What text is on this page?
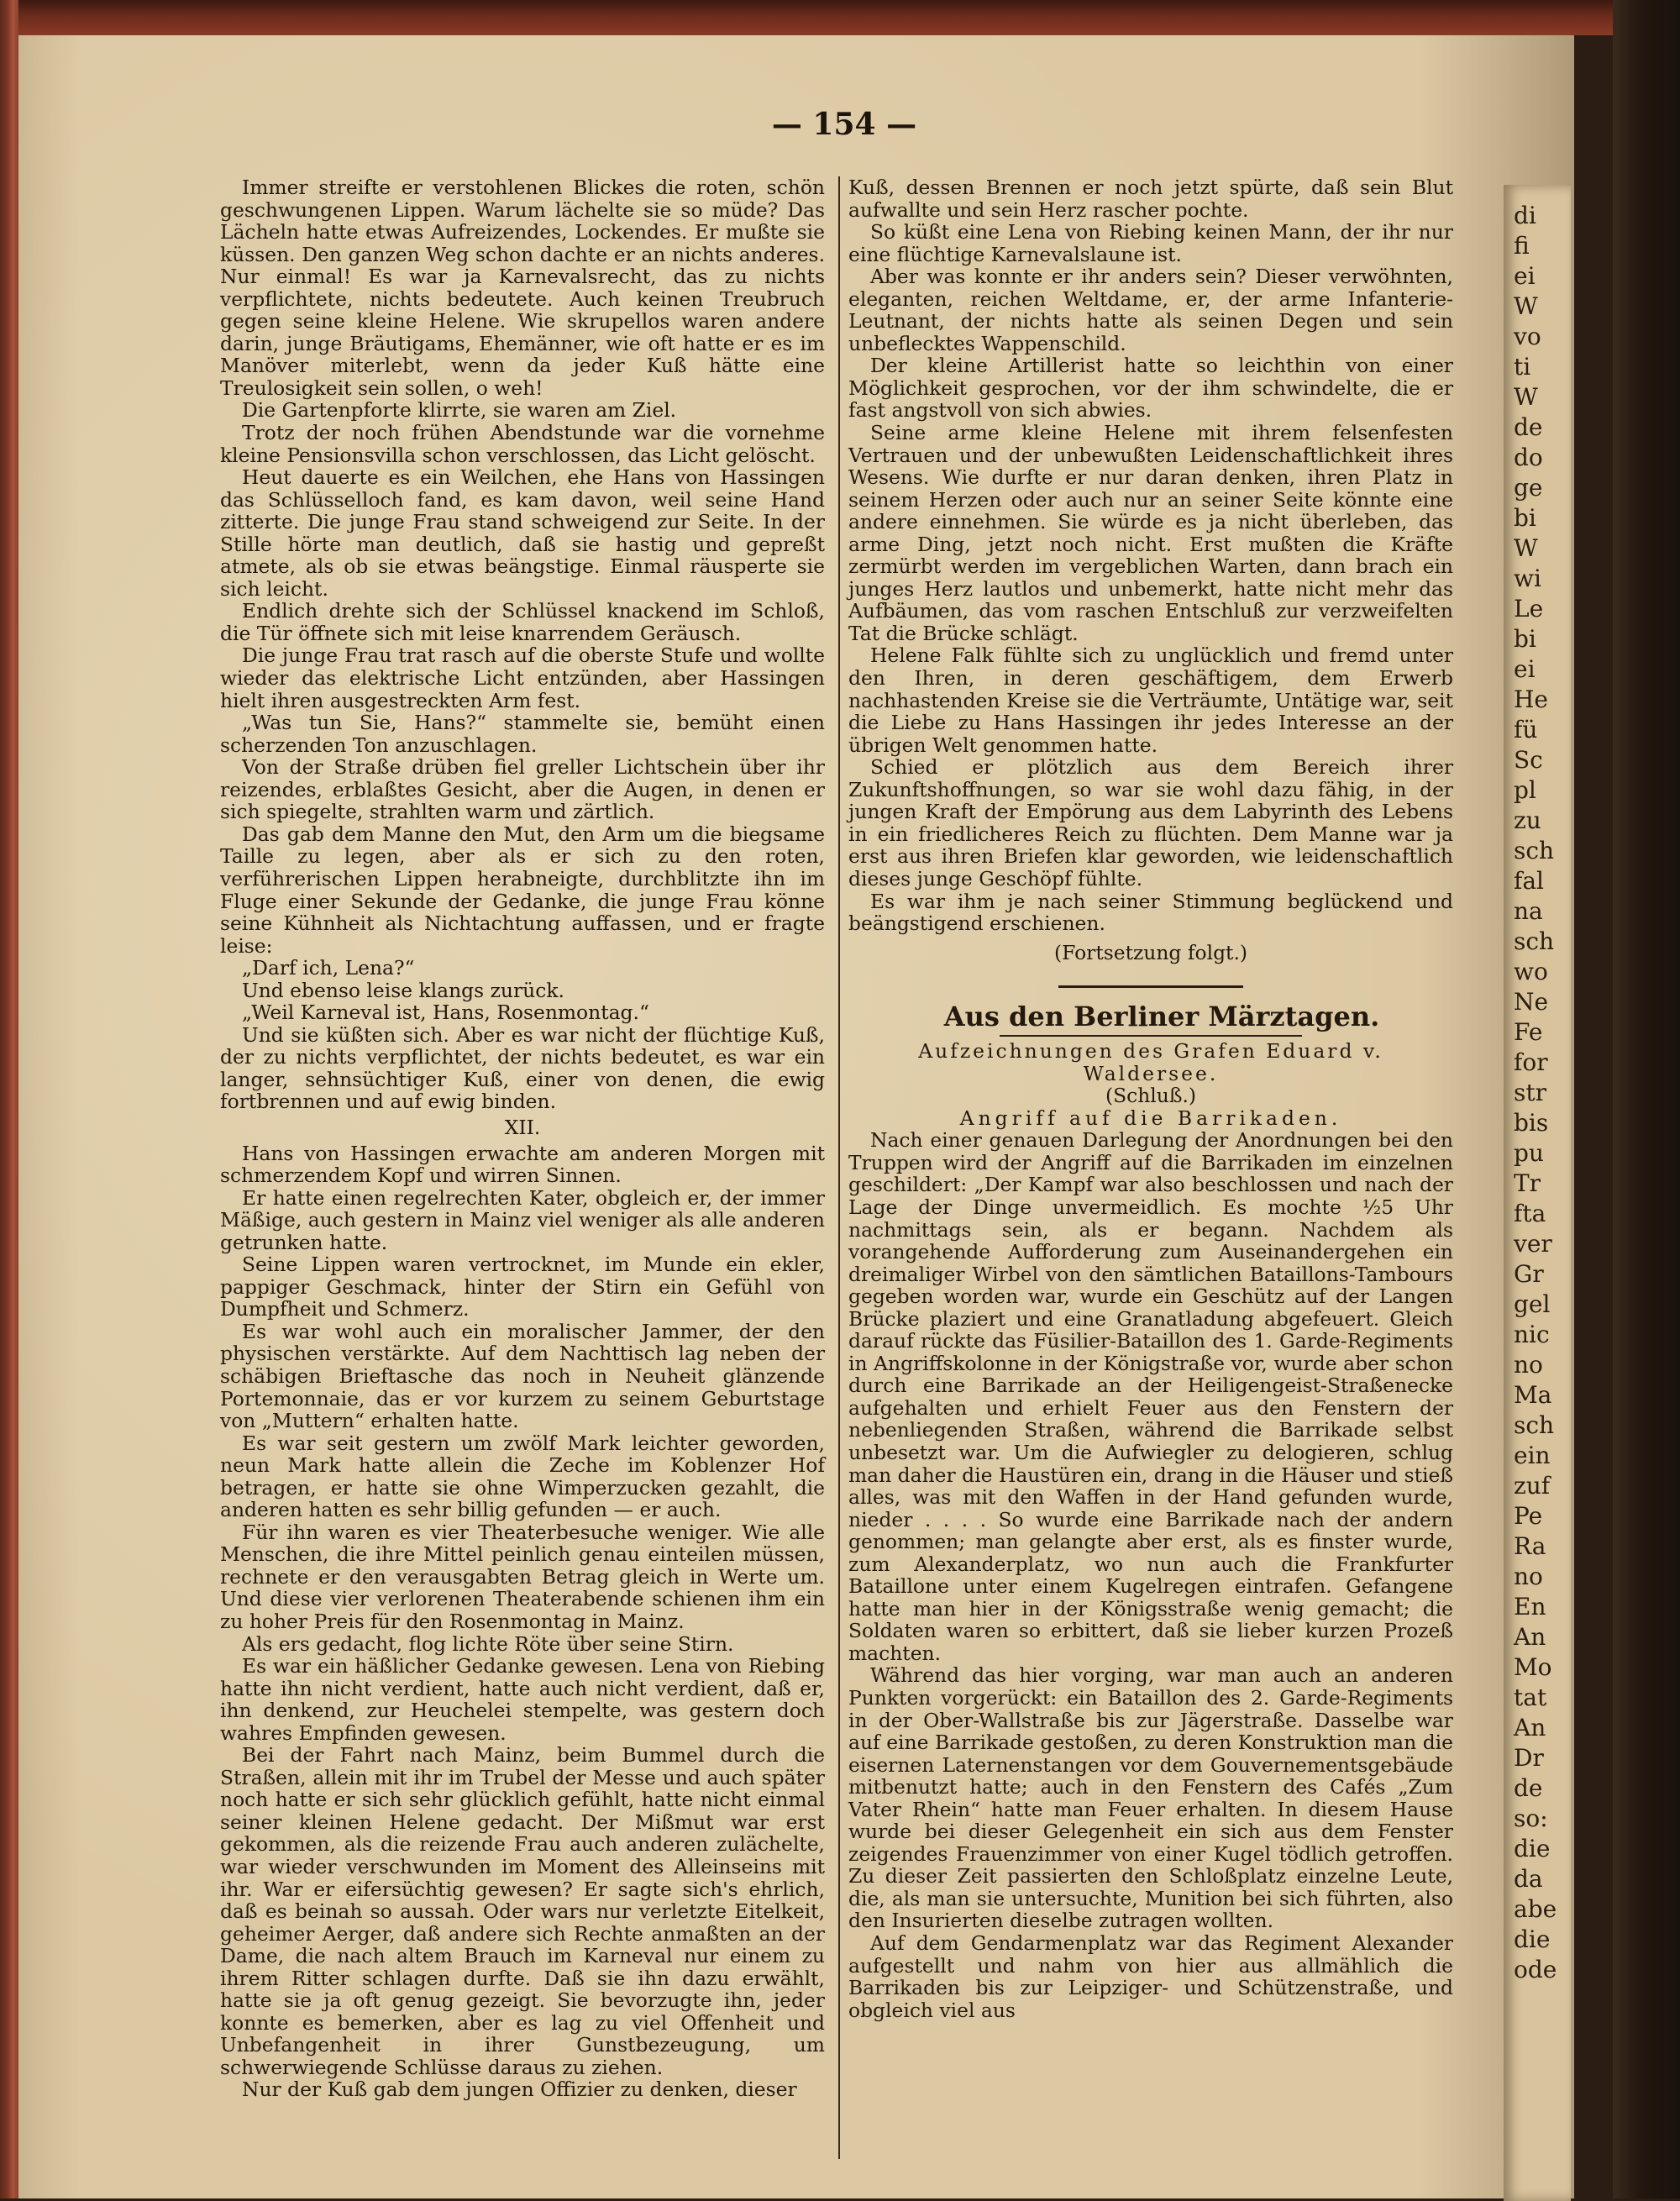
— 154 —

Immer streifte er verstohlenen Blickes die roten, schön geschwungenen Lippen. Warum lächelte sie so müde? Das Lächeln hatte etwas Aufreizendes, Lockendes. Er mußte sie küssen. Den ganzen Weg schon dachte er an nichts anderes. Nur einmal! Es war ja Karnevalsrecht, das zu nichts verpflichtete, nichts bedeutete. Auch keinen Treubruch gegen seine kleine Helene. Wie skrupellos waren andere darin, junge Bräutigams, Ehemänner, wie oft hatte er es im Manöver miterlebt, wenn da jeder Kuß hätte eine Treulosigkeit sein sollen, o weh!

Die Gartenpforte klirrte, sie waren am Ziel.

Trotz der noch frühen Abendstunde war die vornehme kleine Pensionsvilla schon verschlossen, das Licht gelöscht.

Heut dauerte es ein Weilchen, ehe Hans von Hassingen das Schlüsselloch fand, es kam davon, weil seine Hand zitterte. Die junge Frau stand schweigend zur Seite. In der Stille hörte man deutlich, daß sie hastig und gepreßt atmete, als ob sie etwas beängstige. Einmal räusperte sie sich leicht.

Endlich drehte sich der Schlüssel knackend im Schloß, die Tür öffnete sich mit leise knarrendem Geräusch.

Die junge Frau trat rasch auf die oberste Stufe und wollte wieder das elektrische Licht entzünden, aber Hassingen hielt ihren ausgestreckten Arm fest.

„Was tun Sie, Hans?“ stammelte sie, bemüht einen scherzenden Ton anzuschlagen.

Von der Straße drüben fiel greller Lichtschein über ihr reizendes, erblaßtes Gesicht, aber die Augen, in denen er sich spiegelte, strahlten warm und zärtlich.

Das gab dem Manne den Mut, den Arm um die biegsame Taille zu legen, aber als er sich zu den roten, verführerischen Lippen herabneigte, durchblitzte ihn im Fluge einer Sekunde der Gedanke, die junge Frau könne seine Kühnheit als Nichtachtung auffassen, und er fragte leise:

„Darf ich, Lena?“

Und ebenso leise klangs zurück.

„Weil Karneval ist, Hans, Rosenmontag.“

Und sie küßten sich. Aber es war nicht der flüchtige Kuß, der zu nichts verpflichtet, der nichts bedeutet, es war ein langer, sehnsüchtiger Kuß, einer von denen, die ewig fortbrennen und auf ewig binden.

XII.

Hans von Hassingen erwachte am anderen Morgen mit schmerzendem Kopf und wirren Sinnen.

Er hatte einen regelrechten Kater, obgleich er, der immer Mäßige, auch gestern in Mainz viel weniger als alle anderen getrunken hatte.

Seine Lippen waren vertrocknet, im Munde ein ekler, pappiger Geschmack, hinter der Stirn ein Gefühl von Dumpfheit und Schmerz.

Es war wohl auch ein moralischer Jammer, der den physischen verstärkte. Auf dem Nachttisch lag neben der schäbigen Brieftasche das noch in Neuheit glänzende Portemonnaie, das er vor kurzem zu seinem Geburtstage von „Muttern“ erhalten hatte.

Es war seit gestern um zwölf Mark leichter geworden, neun Mark hatte allein die Zeche im Koblenzer Hof betragen, er hatte sie ohne Wimperzucken gezahlt, die anderen hatten es sehr billig gefunden — er auch.

Für ihn waren es vier Theaterbesuche weniger. Wie alle Menschen, die ihre Mittel peinlich genau einteilen müssen, rechnete er den verausgabten Betrag gleich in Werte um. Und diese vier verlorenen Theaterabende schienen ihm ein zu hoher Preis für den Rosenmontag in Mainz.

Als ers gedacht, flog lichte Röte über seine Stirn.

Es war ein häßlicher Gedanke gewesen. Lena von Riebing hatte ihn nicht verdient, hatte auch nicht verdient, daß er, ihn denkend, zur Heuchelei stempelte, was gestern doch wahres Empfinden gewesen.

Bei der Fahrt nach Mainz, beim Bummel durch die Straßen, allein mit ihr im Trubel der Messe und auch später noch hatte er sich sehr glücklich gefühlt, hatte nicht einmal seiner kleinen Helene gedacht. Der Mißmut war erst gekommen, als die reizende Frau auch anderen zulächelte, war wieder verschwunden im Moment des Alleinseins mit ihr. War er eifersüchtig gewesen? Er sagte sich's ehrlich, daß es beinah so aussah. Oder wars nur verletzte Eitelkeit, geheimer Aerger, daß andere sich Rechte anmaßten an der Dame, die nach altem Brauch im Karneval nur einem zu ihrem Ritter schlagen durfte. Daß sie ihn dazu erwählt, hatte sie ja oft genug gezeigt. Sie bevorzugte ihn, jeder konnte es bemerken, aber es lag zu viel Offenheit und Unbefangenheit in ihrer Gunstbezeugung, um schwerwiegende Schlüsse daraus zu ziehen.

Nur der Kuß gab dem jungen Offizier zu denken, dieser

Kuß, dessen Brennen er noch jetzt spürte, daß sein Blut aufwallte und sein Herz rascher pochte.

So küßt eine Lena von Riebing keinen Mann, der ihr nur eine flüchtige Karnevalslaune ist.

Aber was konnte er ihr anders sein? Dieser verwöhnten, eleganten, reichen Weltdame, er, der arme Infanterie-Leutnant, der nichts hatte als seinen Degen und sein unbeflecktes Wappenschild.

Der kleine Artillerist hatte so leichthin von einer Möglichkeit gesprochen, vor der ihm schwindelte, die er fast angstvoll von sich abwies.

Seine arme kleine Helene mit ihrem felsenfesten Vertrauen und der unbewußten Leidenschaftlichkeit ihres Wesens. Wie durfte er nur daran denken, ihren Platz in seinem Herzen oder auch nur an seiner Seite könnte eine andere einnehmen. Sie würde es ja nicht überleben, das arme Ding, jetzt noch nicht. Erst mußten die Kräfte zermürbt werden im vergeblichen Warten, dann brach ein junges Herz lautlos und unbemerkt, hatte nicht mehr das Aufbäumen, das vom raschen Entschluß zur verzweifelten Tat die Brücke schlägt.

Helene Falk fühlte sich zu unglücklich und fremd unter den Ihren, in deren geschäftigem, dem Erwerb nachhastenden Kreise sie die Verträumte, Untätige war, seit die Liebe zu Hans Hassingen ihr jedes Interesse an der übrigen Welt genommen hatte.

Schied er plötzlich aus dem Bereich ihrer Zukunftshoffnungen, so war sie wohl dazu fähig, in der jungen Kraft der Empörung aus dem Labyrinth des Lebens in ein friedlicheres Reich zu flüchten. Dem Manne war ja erst aus ihren Briefen klar geworden, wie leidenschaftlich dieses junge Geschöpf fühlte.

Es war ihm je nach seiner Stimmung beglückend und beängstigend erschienen.

(Fortsetzung folgt.)

Aus den Berliner Märztagen.

Aufzeichnungen des Grafen Eduard v. Waldersee.

(Schluß.)

Angriff auf die Barrikaden.

Nach einer genauen Darlegung der Anordnungen bei den Truppen wird der Angriff auf die Barrikaden im einzelnen geschildert: „Der Kampf war also beschlossen und nach der Lage der Dinge unvermeidlich. Es mochte ½5 Uhr nachmittags sein, als er begann. Nachdem als vorangehende Aufforderung zum Auseinandergehen ein dreimaliger Wirbel von den sämtlichen Bataillons-Tambours gegeben worden war, wurde ein Geschütz auf der Langen Brücke plaziert und eine Granatladung abgefeuert. Gleich darauf rückte das Füsilier-Bataillon des 1. Garde-Regiments in Angriffskolonne in der Königstraße vor, wurde aber schon durch eine Barrikade an der Heiligengeist-Straßenecke aufgehalten und erhielt Feuer aus den Fenstern der nebenliegenden Straßen, während die Barrikade selbst unbesetzt war. Um die Aufwiegler zu delogieren, schlug man daher die Haustüren ein, drang in die Häuser und stieß alles, was mit den Waffen in der Hand gefunden wurde, nieder . . . . So wurde eine Barrikade nach der andern genommen; man gelangte aber erst, als es finster wurde, zum Alexanderplatz, wo nun auch die Frankfurter Bataillone unter einem Kugelregen eintrafen. Gefangene hatte man hier in der Königsstraße wenig gemacht; die Soldaten waren so erbittert, daß sie lieber kurzen Prozeß machten.

Während das hier vorging, war man auch an anderen Punkten vorgerückt: ein Bataillon des 2. Garde-Regiments in der Ober-Wallstraße bis zur Jägerstraße. Dasselbe war auf eine Barrikade gestoßen, zu deren Konstruktion man die eisernen Laternenstangen vor dem Gouvernementsgebäude mitbenutzt hatte; auch in den Fenstern des Cafés „Zum Vater Rhein“ hatte man Feuer erhalten. In diesem Hause wurde bei dieser Gelegenheit ein sich aus dem Fenster zeigendes Frauenzimmer von einer Kugel tödlich getroffen. Zu dieser Zeit passierten den Schloßplatz einzelne Leute, die, als man sie untersuchte, Munition bei sich führten, also den Insurierten dieselbe zutragen wollten.

Auf dem Gendarmenplatz war das Regiment Alexander aufgestellt und nahm von hier aus allmählich die Barrikaden bis zur Leipziger- und Schützenstraße, und obgleich viel aus

di
fi
ei
W
vo
ti
W
de
do
ge
bi
W
wi
Le
bi
ei
He
fü
Sc
pl
zu
sch
fal
na
sch
wo
Ne
Fe
for
str
bis
pu
Tr
fta
ver
Gr
gel
nic
no
Ma
sch
ein
zuf
Pe
Ra
no
En
An
Mo
tat
An
Dr
de
so:
die
da
abe
die
ode
